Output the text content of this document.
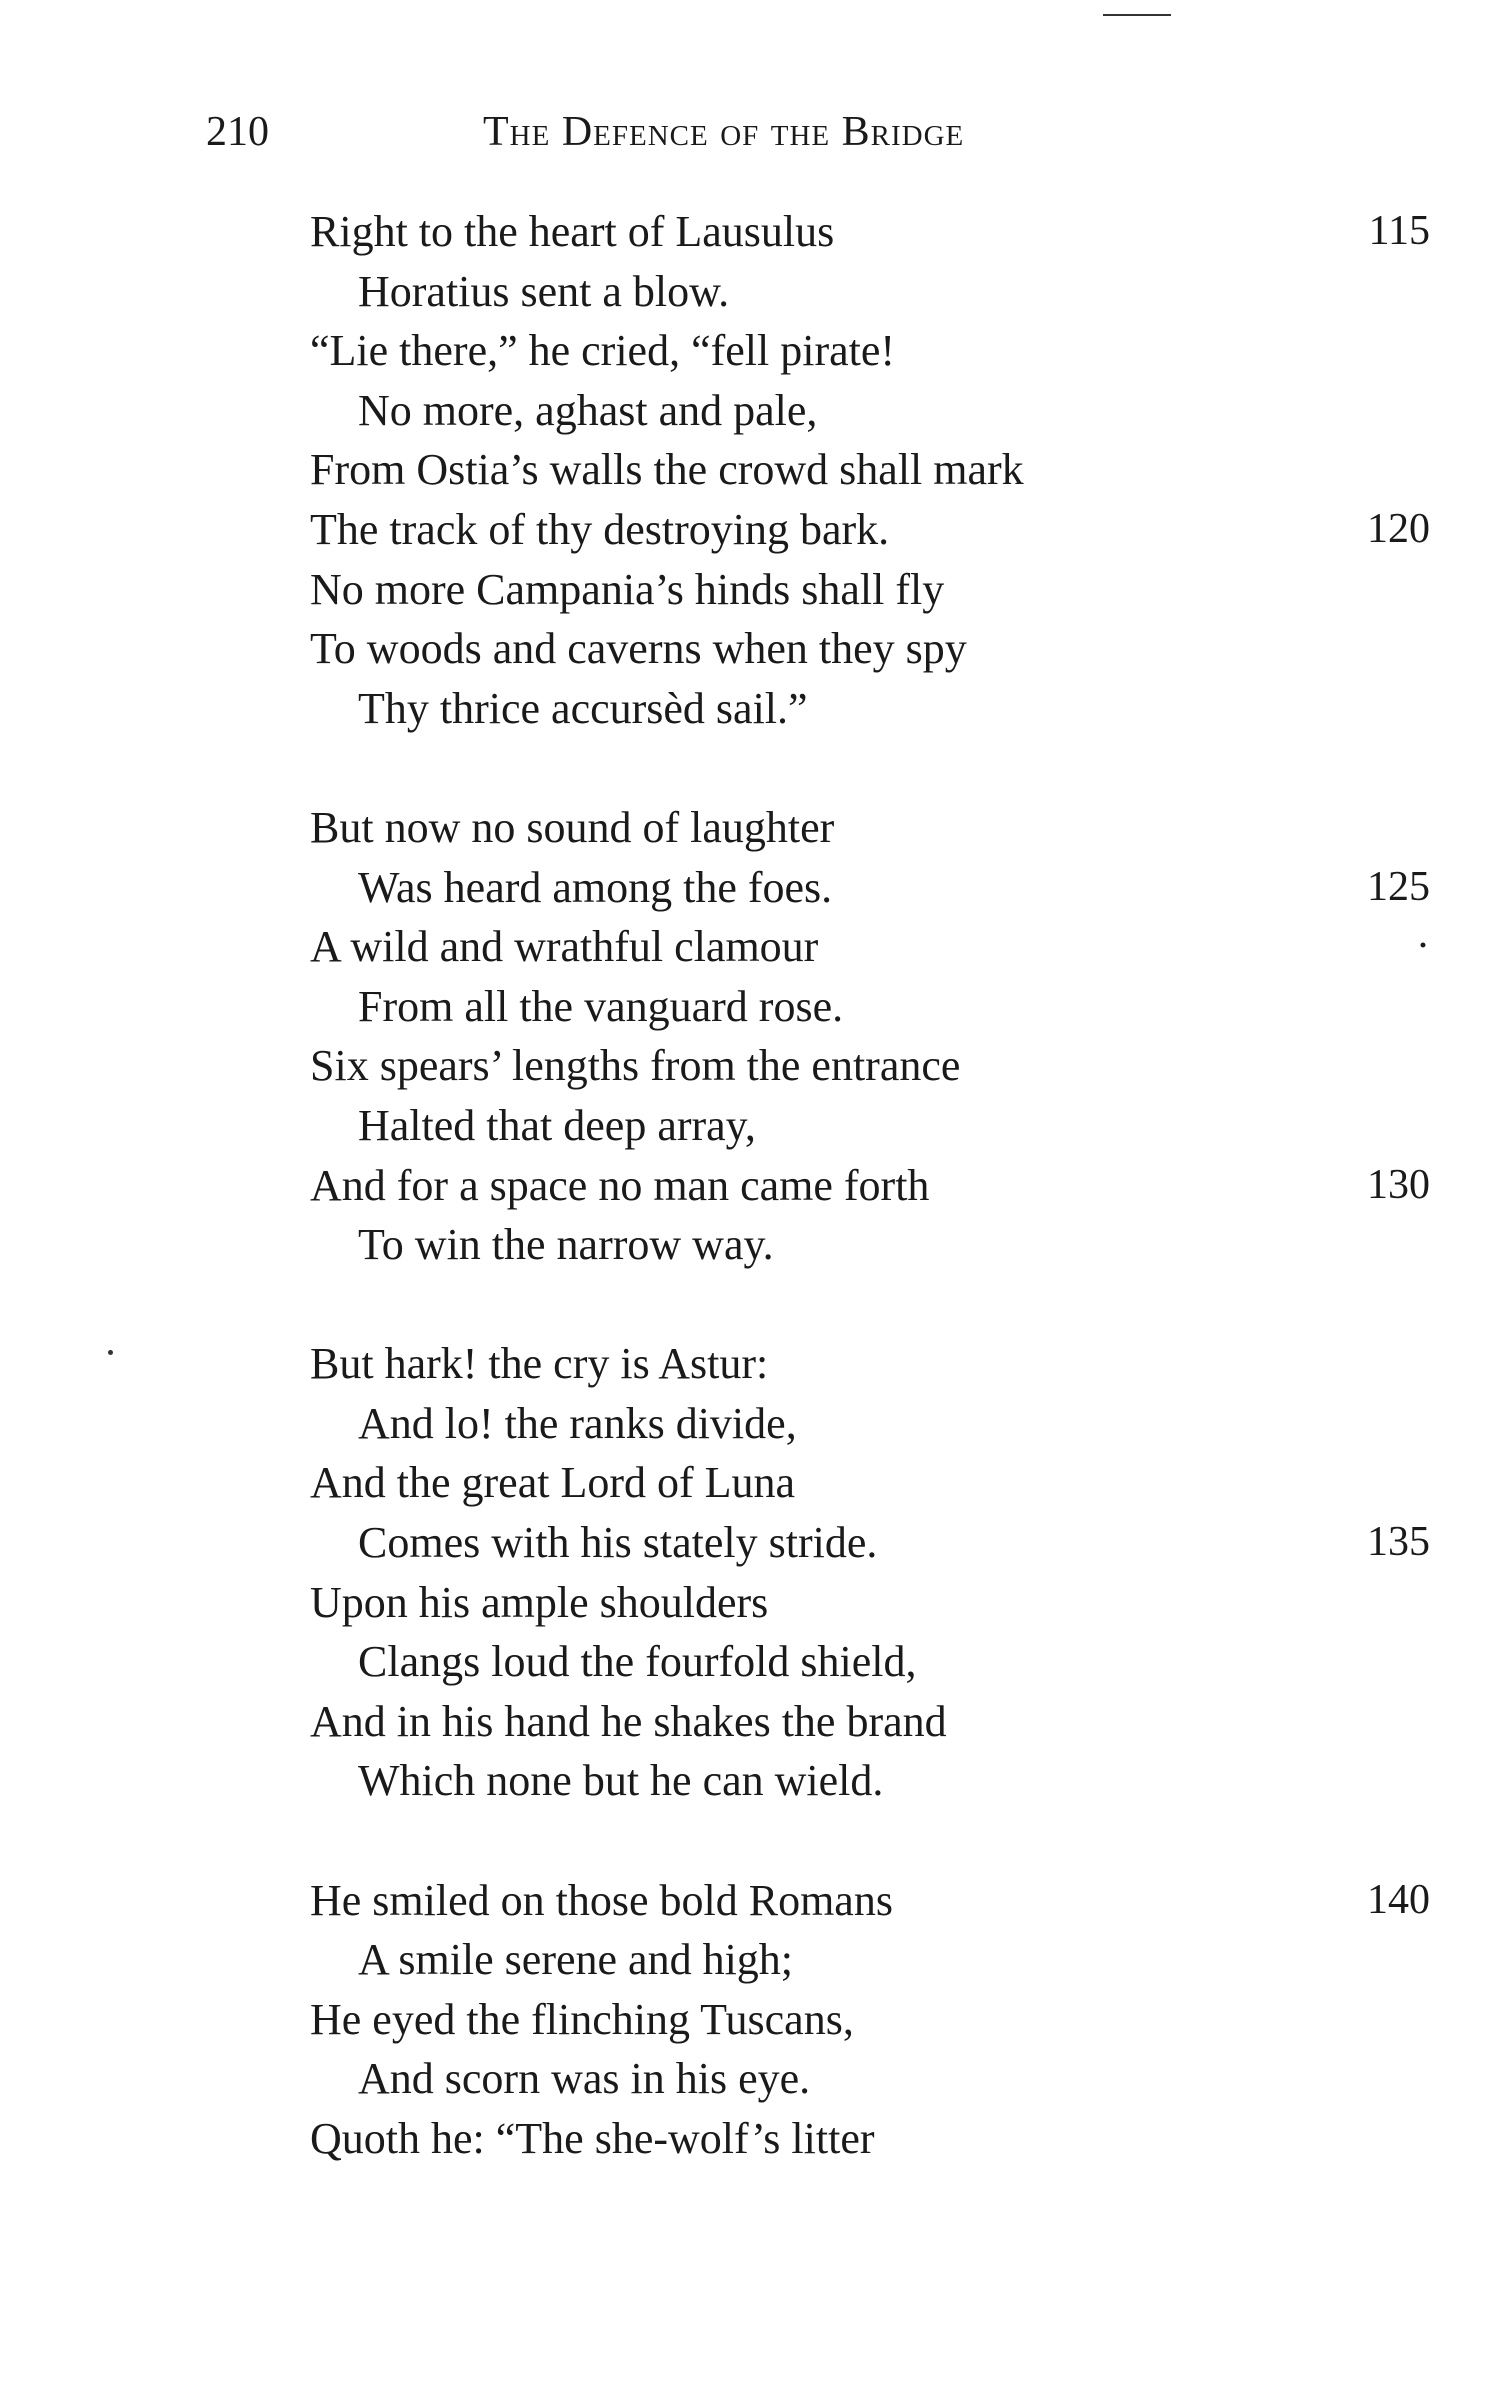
210	The Defence of the Bridge
Right to the heart of Lausulus	115
Horatius sent a blow.
“Lie there,” he cried, “fell pirate!
No more, aghast and pale,
From Ostia’s walls the crowd shall mark
The track of thy destroying bark.	120
No more Campania’s hinds shall fly
To woods and caverns when they spy
Thy thrice accursèd sail.”
But now no sound of laughter
Was heard among the foes.	125
A wild and wrathful clamour	·
From all the vanguard rose.
Six spears’ lengths from the entrance
Halted that deep array,
And for a space no man came forth	130
To win the narrow way.
But hark! the cry is Astur:
And lo! the ranks divide,
And the great Lord of Luna
Comes with his stately stride.	135
Upon his ample shoulders
Clangs loud the fourfold shield,
And in his hand he shakes the brand
Which none but he can wield.
He smiled on those bold Romans	140
A smile serene and high;
He eyed the flinching Tuscans,
And scorn was in his eye.
Quoth he: “The she-wolf’s litter
